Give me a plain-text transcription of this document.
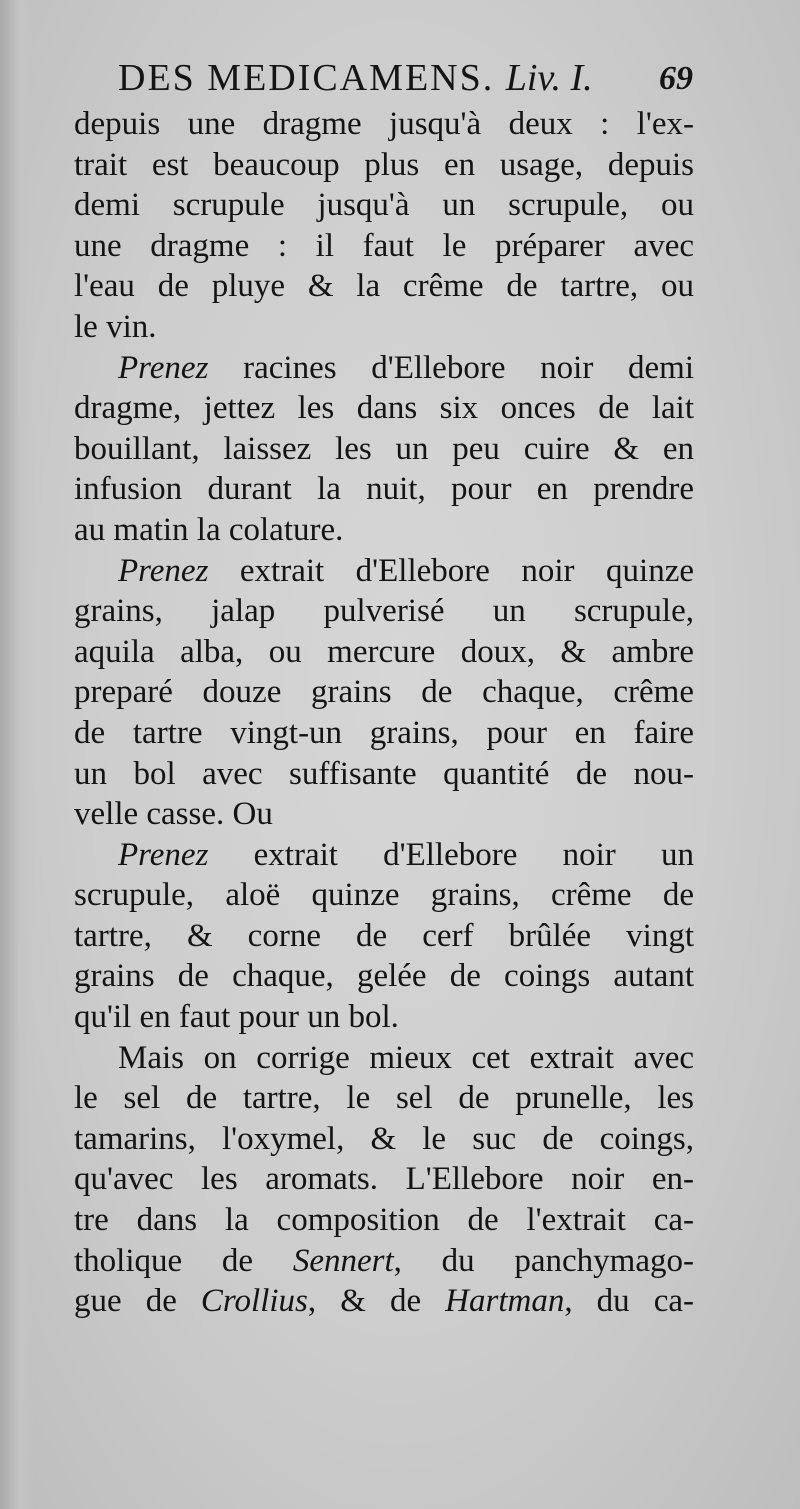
DES MEDICAMENS. Liv. I. 69
depuis une dragme jusqu'à deux : l'ex-
trait est beaucoup plus en usage, depuis
demi scrupule jusqu'à un scrupule, ou
une dragme : il faut le préparer avec
l'eau de pluye & la crême de tartre, ou
le vin.
Prenez racines d'Ellebore noir demi
dragme, jettez les dans six onces de lait
bouillant, laissez les un peu cuire & en
infusion durant la nuit, pour en prendre
au matin la colature.
Prenez extrait d'Ellebore noir quinze
grains, jalap pulverisé un scrupule,
aquila alba, ou mercure doux, & ambre
preparé douze grains de chaque, crême
de tartre vingt-un grains, pour en faire
un bol avec suffisante quantité de nou-
velle casse. Ou
Prenez extrait d'Ellebore noir un
scrupule, aloë quinze grains, crême de
tartre, & corne de cerf brûlée vingt
grains de chaque, gelée de coings autant
qu'il en faut pour un bol.
Mais on corrige mieux cet extrait avec
le sel de tartre, le sel de prunelle, les
tamarins, l'oxymel, & le suc de coings,
qu'avec les aromats. L'Ellebore noir en-
tre dans la composition de l'extrait ca-
tholique de Sennert, du panchymago-
gue de Crollius, & de Hartman, du ca-
